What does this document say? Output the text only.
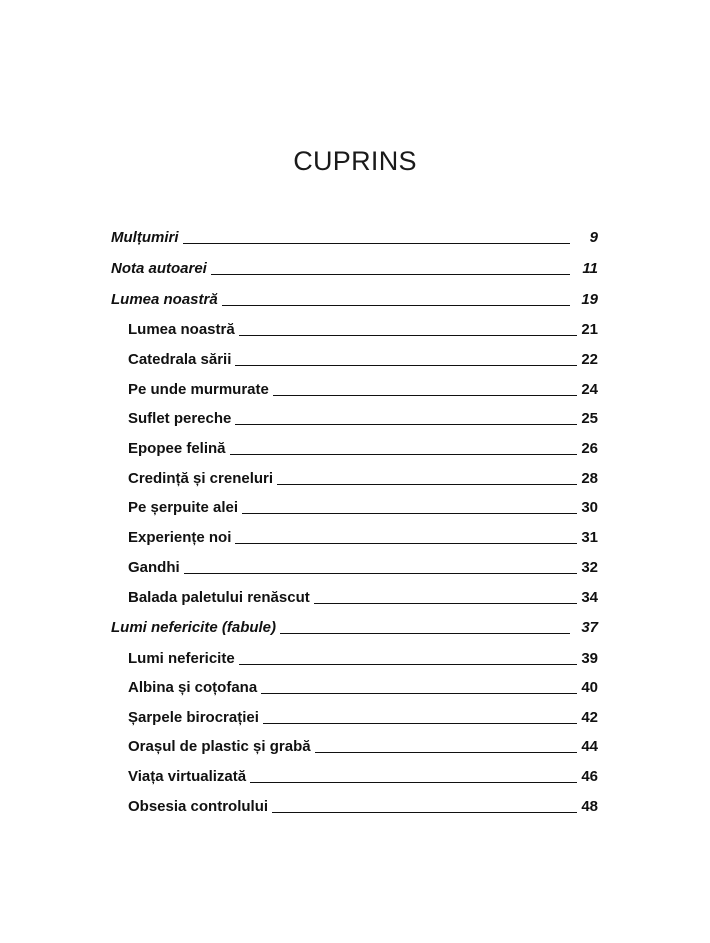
CUPRINS
Mulțumiri	9
Nota autoarei	11
Lumea noastră	19
Lumea noastră	21
Catedrala sării	22
Pe unde murmurate	24
Suflet pereche	25
Epopee felină	26
Credință și creneluri	28
Pe șerpuite alei	30
Experiențe noi	31
Gandhi	32
Balada paletului renăscut	34
Lumi nefericite (fabule)	37
Lumi nefericite	39
Albina și coțofana	40
Șarpele birocrației	42
Orașul de plastic și grabă	44
Viața virtualizată	46
Obsesia controlului	48
